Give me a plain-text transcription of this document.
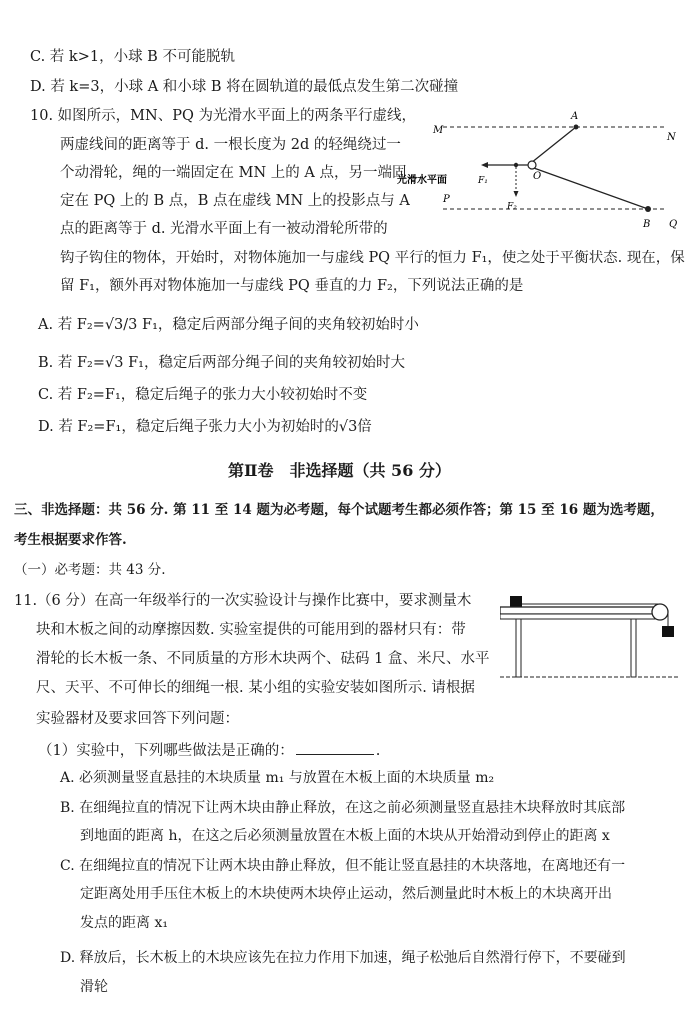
C. 若 k>1，小球 B 不可能脱轨
D. 若 k=3，小球 A 和小球 B 将在圆轨道的最低点发生第二次碰撞
10. 如图所示，MN、PQ 为光滑水平面上的两条平行虚线，
两虚线间的距离等于 d. 一根长度为 2d 的轻绳绕过一
个动滑轮，绳的一端固定在 MN 上的 A 点，另一端固
定在 PQ 上的 B 点，B 点在虚线 MN 上的投影点与 A
点的距离等于 d. 光滑水平面上有一被动滑轮所带的
钩子钩住的物体，开始时，对物体施加一与虚线 PQ 平行的恒力 F₁，使之处于平衡状态. 现在，保
留 F₁，额外再对物体施加一与虚线 PQ 垂直的力 F₂，下列说法正确的是
A
M
N
O
P
B Q
F₁
F₂
光滑水平面
A. 若 F₂=√3/3 F₁，稳定后两部分绳子间的夹角较初始时小
B. 若 F₂=√3 F₁，稳定后两部分绳子间的夹角较初始时大
C. 若 F₂=F₁，稳定后绳子的张力大小较初始时不变
D. 若 F₂=F₁，稳定后绳子张力大小为初始时的√3倍
第Ⅱ卷　非选择题（共 56 分）
三、非选择题：共 56 分. 第 11 至 14 题为必考题，每个试题考生都必须作答；第 15 至 16 题为选考题，
考生根据要求作答.
（一）必考题：共 43 分.
11.（6 分）在高一年级举行的一次实验设计与操作比赛中，要求测量木
块和木板之间的动摩擦因数. 实验室提供的可能用到的器材只有：带
滑轮的长木板一条、不同质量的方形木块两个、砝码 1 盒、米尺、水平
尺、天平、不可伸长的细绳一根. 某小组的实验安装如图所示. 请根据
实验器材及要求回答下列问题：
（1）实验中，下列哪些做法是正确的：	.
A. 必须测量竖直悬挂的木块质量 m₁ 与放置在木板上面的木块质量 m₂
B. 在细绳拉直的情况下让两木块由静止释放，在这之前必须测量竖直悬挂木块释放时其底部
到地面的距离 h，在这之后必须测量放置在木板上面的木块从开始滑动到停止的距离 x
C. 在细绳拉直的情况下让两木块由静止释放，但不能让竖直悬挂的木块落地，在离地还有一
定距离处用手压住木板上的木块使两木块停止运动，然后测量此时木板上的木块离开出
发点的距离 x₁
D. 释放后，长木板上的木块应该先在拉力作用下加速，绳子松弛后自然滑行停下，不要碰到
滑轮
